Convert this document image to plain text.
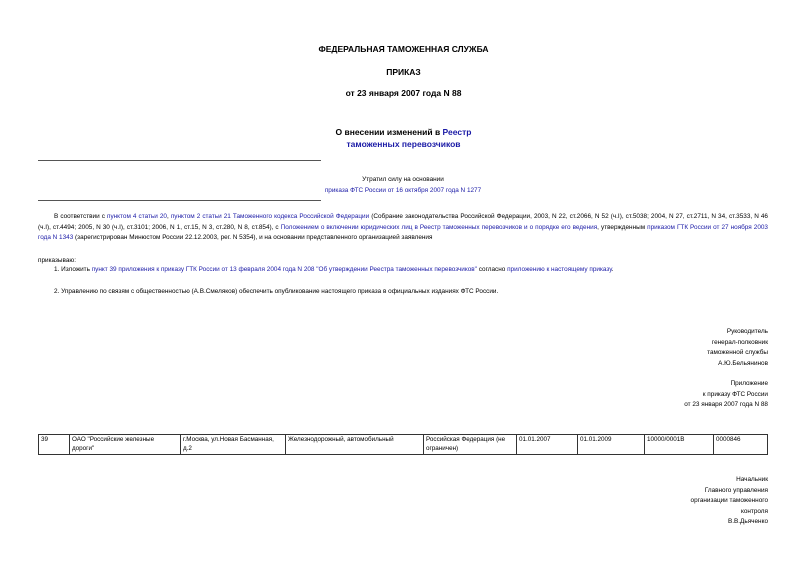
ФЕДЕРАЛЬНАЯ ТАМОЖЕННАЯ СЛУЖБА
ПРИКАЗ
от 23 января 2007 года N 88
О внесении изменений в Реестр
таможенных перевозчиков
Утратил силу на основании
приказа ФТС России от 16 октября 2007 года N 1277
В соответствии с пунктом 4 статьи 20, пунктом 2 статьи 21 Таможенного кодекса Российской Федерации (Собрание законодательства Российской Федерации, 2003, N 22, ст.2066, N 52 (ч.I), ст.5038; 2004, N 27, ст.2711, N 34, ст.3533, N 46 (ч.I), ст.4494; 2005, N 30 (ч.I), ст.3101; 2006, N 1, ст.15, N 3, ст.280, N 8, ст.854), с Положением о включении юридических лиц в Реестр таможенных перевозчиков и о порядке его ведения, утвержденным приказом ГТК России от 27 ноября 2003 года N 1343 (зарегистрирован Минюстом России 22.12.2003, рег. N 5354), и на основании представленного организацией заявления
приказываю:
1. Изложить пункт 39 приложения к приказу ГТК России от 13 февраля 2004 года N 208 "Об утверждении Реестра таможенных перевозчиков" согласно приложению к настоящему приказу.
2. Управлению по связям с общественностью (А.В.Смеляков) обеспечить опубликование настоящего приказа в официальных изданиях ФТС России.
Руководитель
генерал-полковник
таможенной службы
А.Ю.Бельянинов
Приложение
к приказу ФТС России
от 23 января 2007 года N 88
39	ОАО "Российские железные дороги"	г.Москва, ул.Новая Басманная, д.2	Железнодорожный, автомобильный	Российская Федерация (не ограничен)	01.01.2007	01.01.2009	10000/0001В	0000846
Начальник
Главного управления
организации таможенного
контроля
В.В.Дьяченко
